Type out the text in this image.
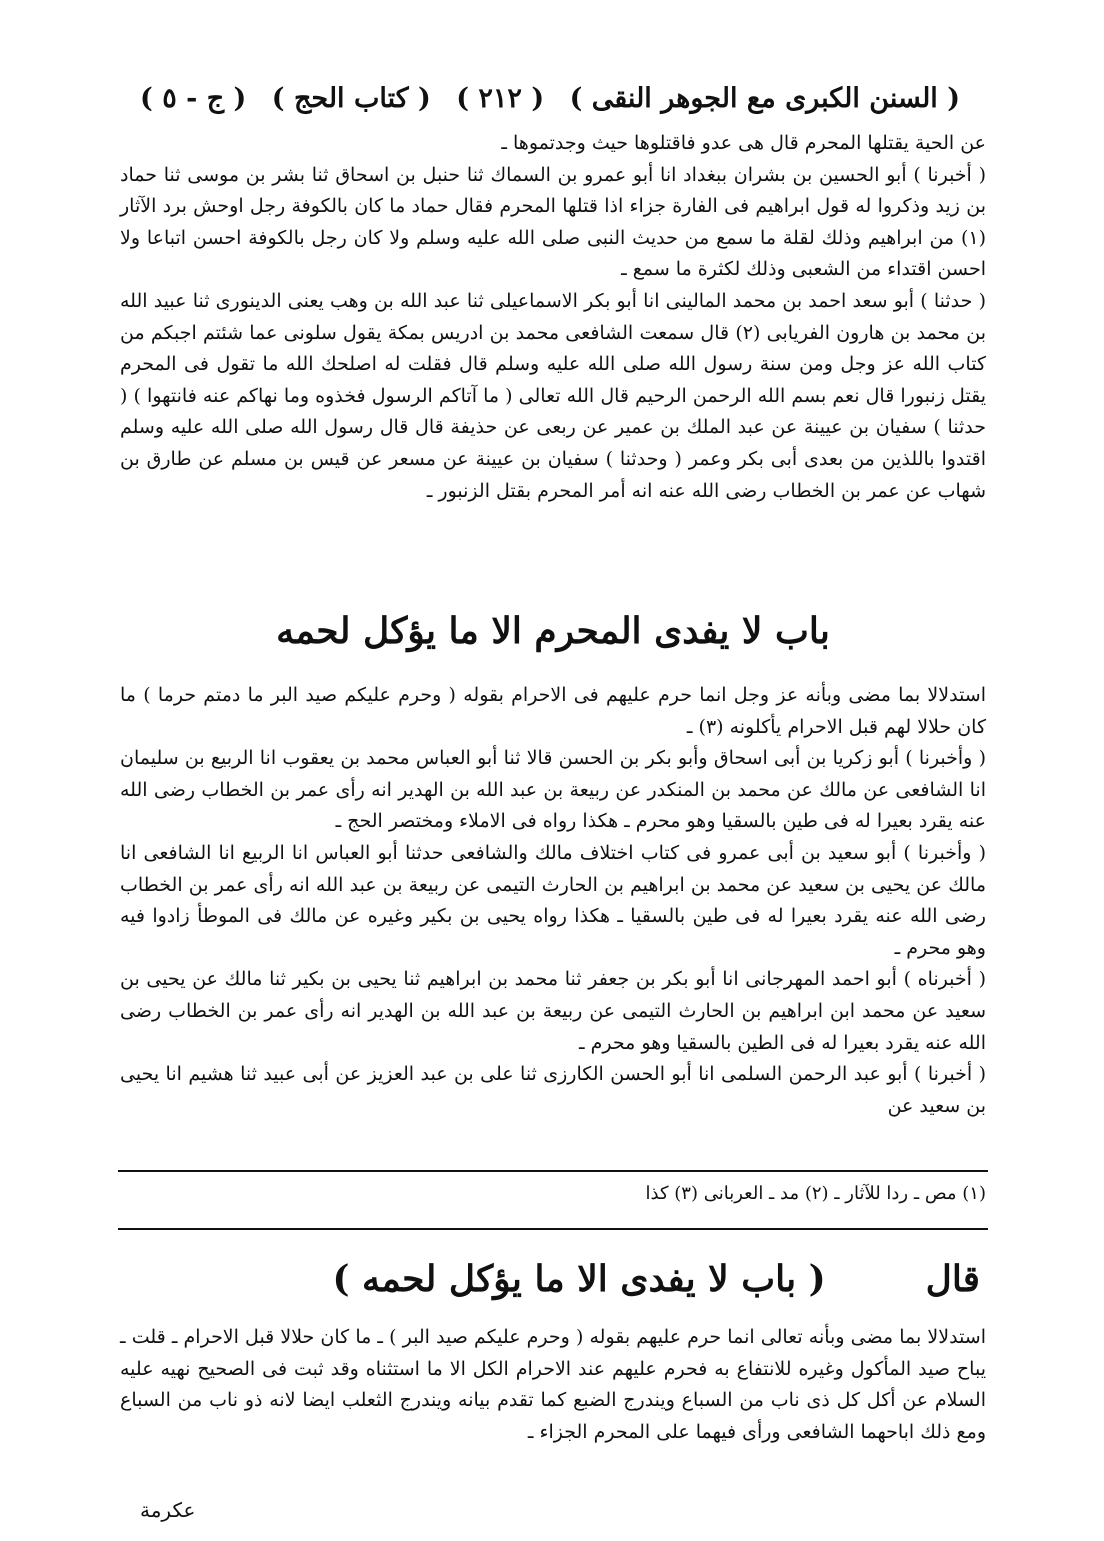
( السنن الكبرى مع الجوهر النقى )
( ٢١٢ )
( كتاب الحج )
( ج - ٥ )

عن الحية يقتلها المحرم قال هى عدو فاقتلوها حيث وجدتموها ـ

( أخبرنا ) أبو الحسين بن بشران ببغداد انا أبو عمرو بن السماك ثنا حنبل بن اسحاق ثنا بشر بن موسى ثنا حماد بن زيد وذكروا له قول ابراهيم فى الفارة جزاء اذا قتلها المحرم فقال حماد ما كان بالكوفة رجل اوحش برد الآثار (١) من ابراهيم وذلك لقلة ما سمع من حديث النبى صلى الله عليه وسلم ولا كان رجل بالكوفة احسن اتباعا ولا احسن اقتداء من الشعبى وذلك لكثرة ما سمع ـ

( حدثنا ) أبو سعد احمد بن محمد المالينى انا أبو بكر الاسماعيلى ثنا عبد الله بن وهب يعنى الدينورى ثنا عبيد الله بن محمد بن هارون الفريابى (٢) قال سمعت الشافعى محمد بن ادريس بمكة يقول سلونى عما شئتم اجبكم من كتاب الله عز وجل ومن سنة رسول الله صلى الله عليه وسلم قال فقلت له اصلحك الله ما تقول فى المحرم يقتل زنبورا قال نعم بسم الله الرحمن الرحيم قال الله تعالى ( ما آتاكم الرسول فخذوه وما نهاكم عنه فانتهوا ) ( حدثنا ) سفيان بن عيينة عن عبد الملك بن عمير عن ربعى عن حذيفة قال قال رسول الله صلى الله عليه وسلم اقتدوا باللذين من بعدى أبى بكر وعمر ( وحدثنا ) سفيان بن عيينة عن مسعر عن قيس بن مسلم عن طارق بن شهاب عن عمر بن الخطاب رضى الله عنه انه أمر المحرم بقتل الزنبور ـ

باب لا يفدى المحرم الا ما يؤكل لحمه

استدلالا بما مضى وبأنه عز وجل انما حرم عليهم فى الاحرام بقوله ( وحرم عليكم صيد البر ما دمتم حرما ) ما كان حلالا لهم قبل الاحرام يأكلونه (٣) ـ

( وأخبرنا ) أبو زكريا بن أبى اسحاق وأبو بكر بن الحسن قالا ثنا أبو العباس محمد بن يعقوب انا الربيع بن سليمان انا الشافعى عن مالك عن محمد بن المنكدر عن ربيعة بن عبد الله بن الهدير انه رأى عمر بن الخطاب رضى الله عنه يقرد بعيرا له فى طين بالسقيا وهو محرم ـ هكذا رواه فى الاملاء ومختصر الحج ـ

( وأخبرنا ) أبو سعيد بن أبى عمرو فى كتاب اختلاف مالك والشافعى حدثنا أبو العباس انا الربيع انا الشافعى انا مالك عن يحيى بن سعيد عن محمد بن ابراهيم بن الحارث التيمى عن ربيعة بن عبد الله انه رأى عمر بن الخطاب رضى الله عنه يقرد بعيرا له فى طين بالسقيا ـ هكذا رواه يحيى بن بكير وغيره عن مالك فى الموطأ زادوا فيه وهو محرم ـ

( أخبرناه ) أبو احمد المهرجانى انا أبو بكر بن جعفر ثنا محمد بن ابراهيم ثنا يحيى بن بكير ثنا مالك عن يحيى بن سعيد عن محمد ابن ابراهيم بن الحارث التيمى عن ربيعة بن عبد الله بن الهدير انه رأى عمر بن الخطاب رضى الله عنه يقرد بعيرا له فى الطين بالسقيا وهو محرم ـ

( أخبرنا ) أبو عبد الرحمن السلمى انا أبو الحسن الكارزى ثنا على بن عبد العزيز عن أبى عبيد ثنا هشيم انا يحيى بن سعيد عن

(١) مص ـ ردا للآثار ـ (٢) مد ـ العربانى (٣) كذا
قال
( باب لا يفدى الا ما يؤكل لحمه )

استدلالا بما مضى وبأنه تعالى انما حرم عليهم بقوله ( وحرم عليكم صيد البر ) ـ ما كان حلالا قبل الاحرام ـ قلت ـ يباح صيد المأكول وغيره للانتفاع به فحرم عليهم عند الاحرام الكل الا ما استثناه وقد ثبت فى الصحيح نهيه عليه السلام عن أكل كل ذى ناب من السباع ويندرج الضبع كما تقدم بيانه ويندرج الثعلب ايضا لانه ذو ناب من السباع ومع ذلك اباحهما الشافعى ورأى فيهما على المحرم الجزاء ـ

عكرمة
